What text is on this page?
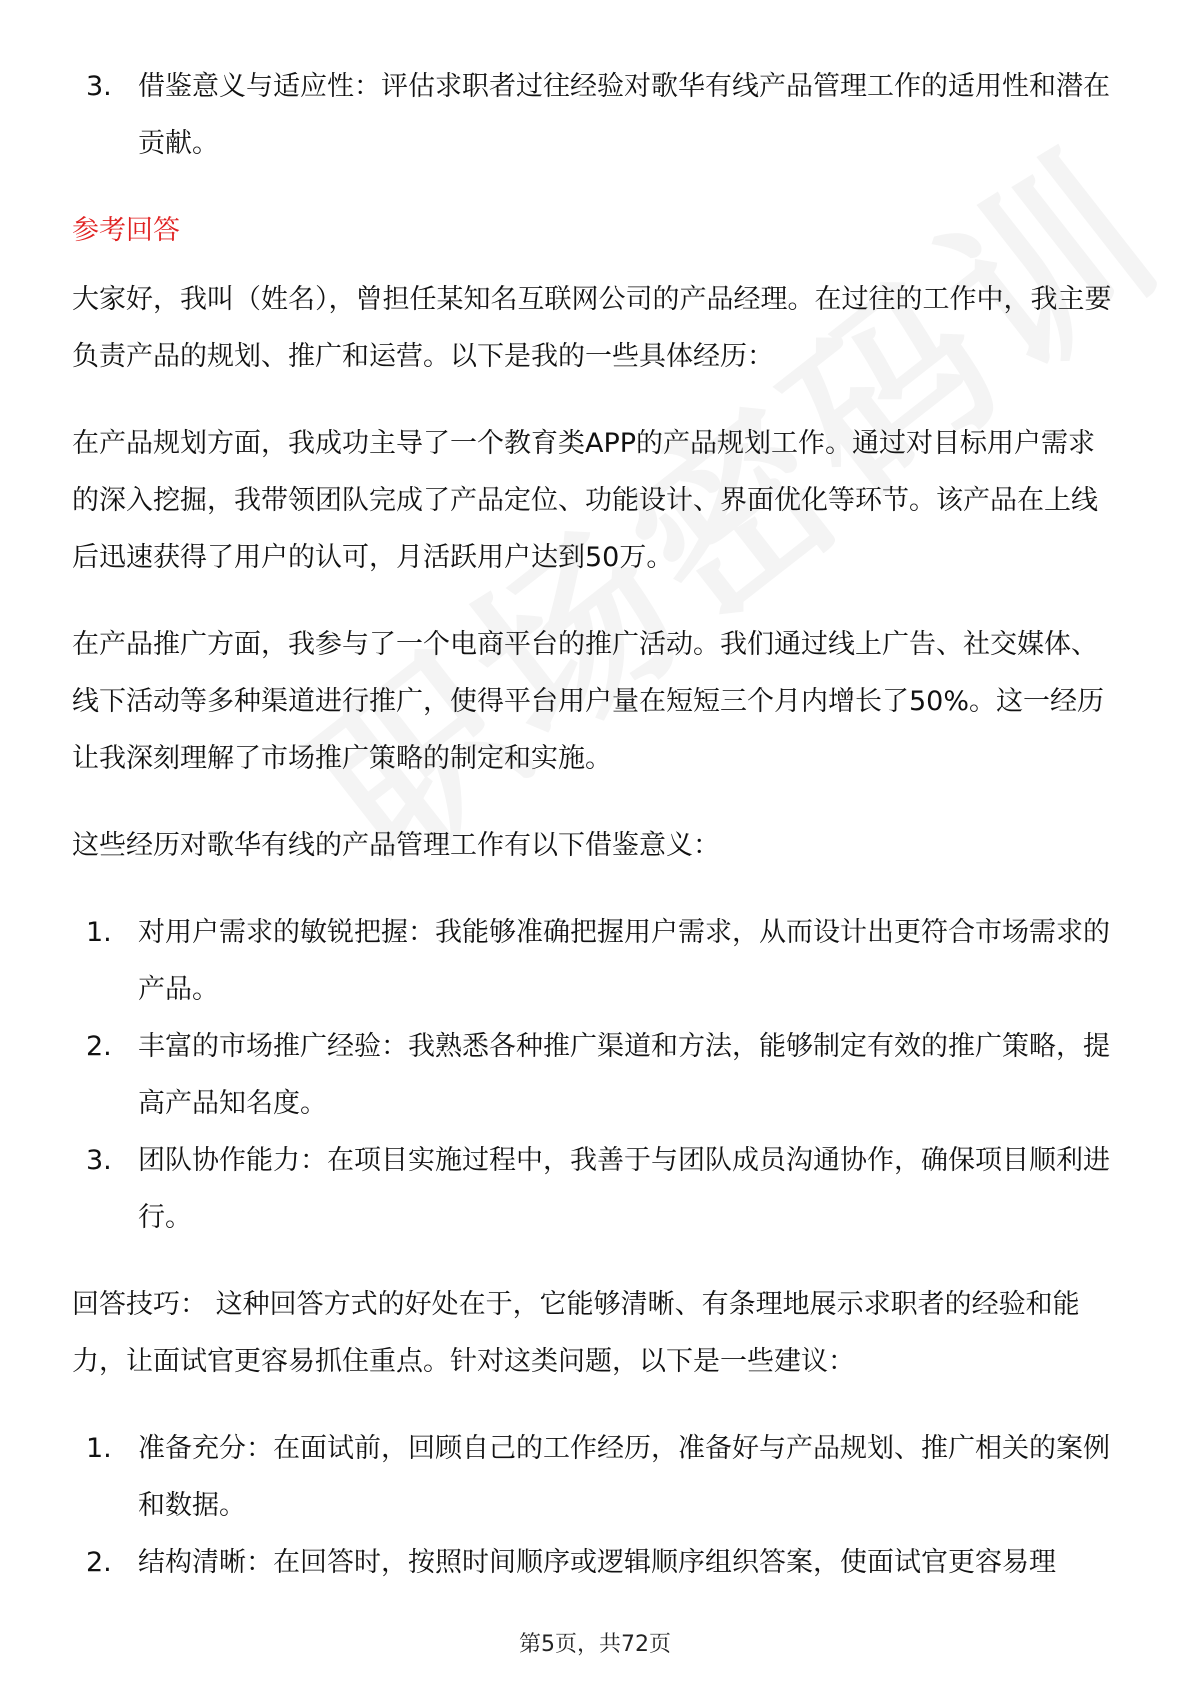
3. 借鉴意义与适应性：评估求职者过往经验对歌华有线产品管理工作的适用性和潜在贡献。
参考回答

大家好，我叫（姓名），曾担任某知名互联网公司的产品经理。在过往的工作中，我主要负责产品的规划、推广和运营。以下是我的一些具体经历：

在产品规划方面，我成功主导了一个教育类APP的产品规划工作。通过对目标用户需求的深入挖掘，我带领团队完成了产品定位、功能设计、界面优化等环节。该产品在上线后迅速获得了用户的认可，月活跃用户达到50万。

在产品推广方面，我参与了一个电商平台的推广活动。我们通过线上广告、社交媒体、线下活动等多种渠道进行推广，使得平台用户量在短短三个月内增长了50%。这一经历让我深刻理解了市场推广策略的制定和实施。

这些经历对歌华有线的产品管理工作有以下借鉴意义：

1. 对用户需求的敏锐把握：我能够准确把握用户需求，从而设计出更符合市场需求的产品。
2. 丰富的市场推广经验：我熟悉各种推广渠道和方法，能够制定有效的推广策略，提高产品知名度。
3. 团队协作能力：在项目实施过程中，我善于与团队成员沟通协作，确保项目顺利进行。

回答技巧： 这种回答方式的好处在于，它能够清晰、有条理地展示求职者的经验和能力，让面试官更容易抓住重点。针对这类问题，以下是一些建议：

1. 准备充分：在面试前，回顾自己的工作经历，准备好与产品规划、推广相关的案例和数据。
2. 结构清晰：在回答时，按照时间顺序或逻辑顺序组织答案，使面试官更容易理
第5页，共72页
